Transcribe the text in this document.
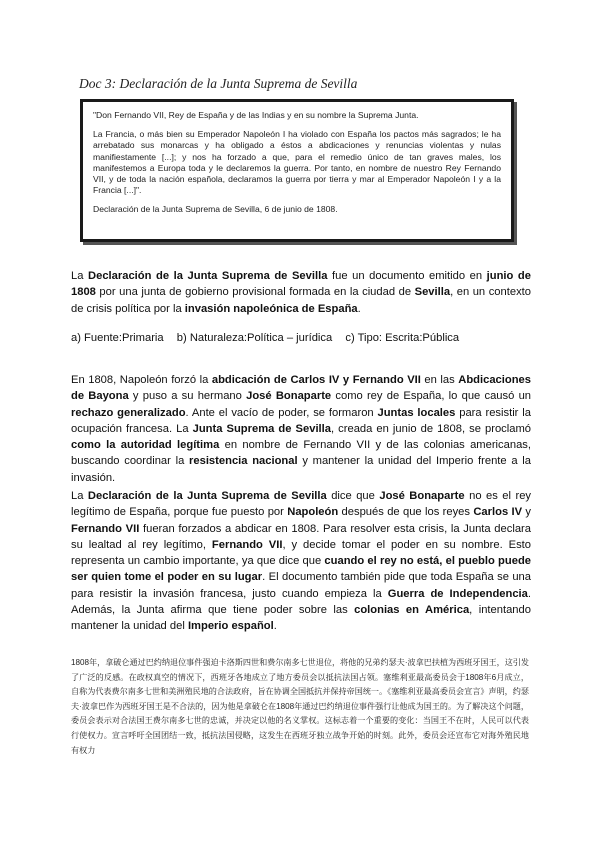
Doc 3: Declaración de la Junta Suprema de Sevilla

"Don Fernando VII, Rey de España y de las Indias y en su nombre la Suprema Junta.

La Francia, o más bien su Emperador Napoleón I ha violado con España los pactos más sagrados; le ha arrebatado sus monarcas y ha obligado a éstos a abdicaciones y renuncias violentas y nulas manifiestamente [...]; y nos ha forzado a que, para el remedio único de tan graves males, los manifestemos a Europa toda y le declaremos la guerra. Por tanto, en nombre de nuestro Rey Fernando VII, y de toda la nación española, declaramos la guerra por tierra y mar al Emperador Napoleón I y a la Francia [...]".

Declaración de la Junta Suprema de Sevilla, 6 de junio de 1808.

La Declaración de la Junta Suprema de Sevilla fue un documento emitido en junio de 1808 por una junta de gobierno provisional formada en la ciudad de Sevilla, en un contexto de crisis política por la invasión napoleónica de España.
a) Fuente:Primaria b) Naturaleza:Política – jurídica c) Tipo: Escrita:Pública
En 1808, Napoleón forzó la abdicación de Carlos IV y Fernando VII en las Abdicaciones de Bayona y puso a su hermano José Bonaparte como rey de España, lo que causó un rechazo generalizado. Ante el vacío de poder, se formaron Juntas locales para resistir la ocupación francesa. La Junta Suprema de Sevilla, creada en junio de 1808, se proclamó como la autoridad legítima en nombre de Fernando VII y de las colonias americanas, buscando coordinar la resistencia nacional y mantener la unidad del Imperio frente a la invasión.
La Declaración de la Junta Suprema de Sevilla dice que José Bonaparte no es el rey legítimo de España, porque fue puesto por Napoleón después de que los reyes Carlos IV y Fernando VII fueran forzados a abdicar en 1808. Para resolver esta crisis, la Junta declara su lealtad al rey legítimo, Fernando VII, y decide tomar el poder en su nombre. Esto representa un cambio importante, ya que dice que cuando el rey no está, el pueblo puede ser quien tome el poder en su lugar. El documento también pide que toda España se una para resistir la invasión francesa, justo cuando empieza la Guerra de Independencia. Además, la Junta afirma que tiene poder sobre las colonias en América, intentando mantener la unidad del Imperio español.
1808年，拿破仑通过巴约纳退位事件强迫卡洛斯四世和费尔南多七世退位，将他的兄弟约瑟夫·波拿巴扶植为西班牙国王，这引发了广泛的反感。在政权真空的情况下，西班牙各地成立了地方委员会以抵抗法国占领。塞维利亚最高委员会于1808年6月成立，自称为代表费尔南多七世和美洲殖民地的合法政府，旨在协调全国抵抗并保持帝国统一。《塞维利亚最高委员会宣言》声明，约瑟夫·波拿巴作为西班牙国王是不合法的，因为他是拿破仑在1808年通过巴约纳退位事件强行让他成为国王的。为了解决这个问题，委员会表示对合法国王费尔南多七世的忠诚，并决定以他的名义掌权。这标志着一个重要的变化：当国王不在时，人民可以代表行使权力。宣言呼吁全国团结一致，抵抗法国侵略，这发生在西班牙独立战争开始的时刻。此外，委员会还宣布它对海外殖民地有权力
